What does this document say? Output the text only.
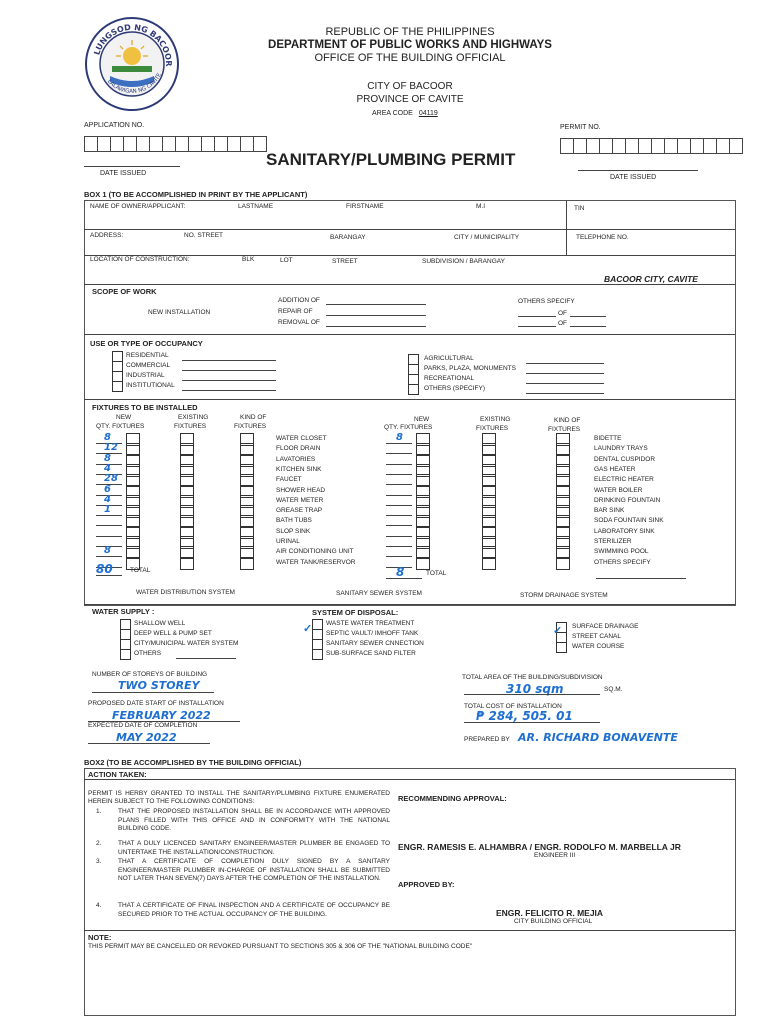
LUNGSOD NG BACOOR
LALAWIGAN NG CAVITE
REPUBLIC OF THE PHILIPPINES
DEPARTMENT OF PUBLIC WORKS AND HIGHWAYS
OFFICE OF THE BUILDING OFFICIAL
CITY OF BACOOR
PROVINCE OF CAVITE
AREA CODE 04119
APPLICATION NO.
DATE ISSUED
PERMIT NO.
DATE ISSUED
SANITARY/PLUMBING PERMIT
BOX 1 (TO BE ACCOMPLISHED IN PRINT BY THE APPLICANT)
NAME OF OWNER/APPLICANT:	LASTNAME	FIRSTNAME	M.I	TIN
ADDRESS:	NO. STREET	BARANGAY	CITY / MUNICIPALITY	TELEPHONE NO.
LOCATION OF CONSTRUCTION:	BLK	LOT	STREET	SUBDIVISION / BARANGAY
BACOOR CITY, CAVITE
SCOPE OF WORK
NEW INSTALLATION
ADDITION OF
REPAIR OF
REMOVAL OF
OTHERS SPECIFY
OF
OF
USE OR TYPE OF OCCUPANCY
RESIDENTIAL
COMMERCIAL
INDUSTRIAL
INSTITUTIONAL
AGRICULTURAL
PARKS, PLAZA, MONUMENTS
RECREATIONAL
OTHERS (SPECIFY)
FIXTURES TO BE INSTALLED
NEW
QTY. FIXTURES
EXISTING
FIXTURES
KIND OF
FIXTURES
NEW
QTY. FIXTURES
EXISTING
FIXTURES
KIND OF
FIXTURES
8	WATER CLOSET
12	FLOOR DRAIN
8	LAVATORIES
4	KITCHEN SINK
28	FAUCET
6	SHOWER HEAD
4	WATER METER
1	GREASE TRAP
BATH TUBS
SLOP SINK
URINAL
8	AIR CONDITIONING UNIT
WATER TANK/RESERVOR
8	BIDETTE
LAUNDRY TRAYS
DENTAL CUSPIDOR
GAS HEATER
ELECTRIC HEATER
WATER BOILER
DRINKING FOUNTAIN
BAR SINK
SODA FOUNTAIN SINK
LABORATORY SINK
STERILIZER
SWIMMING POOL
OTHERS SPECIFY
80	TOTAL	8	TOTAL
WATER DISTRIBUTION SYSTEM	SANITARY SEWER SYSTEM	STORM DRAINAGE SYSTEM
WATER SUPPLY :	SYSTEM OF DISPOSAL:
SHALLOW WELL
DEEP WELL & PUMP SET
CITY/MUNICIPAL WATER SYSTEM
OTHERS
WASTE WATER TREATMENT
SEPTIC VAULT/ IMHOFF TANK
SANITARY SEWER CNNECTION
SUB-SURFACE SAND FILTER
SURFACE DRAINAGE
STREET CANAL
WATER COURSE
✓	✓
NUMBER OF STOREYS OF BUILDING
TWO STOREY
PROPOSED DATE START OF INSTALLATION
FEBRUARY 2022
EXPECTED DATE OF COMPLETION
MAY 2022
TOTAL AREA OF THE BUILDING/SUBDIVISION
310 sqm	SQ.M.
TOTAL COST OF INSTALLATION
₱ 284, 505. 01
PREPARED BY AR. RICHARD BONAVENTE
BOX2 (TO BE ACCOMPLISHED BY THE BUILDING OFFICIAL)
ACTION TAKEN:
PERMIT IS HERBY GRANTED TO INSTALL THE SANITARY/PLUMBING FIXTURE ENUMERATED HEREIN SUBJECT TO THE FOLLOWING CONDITIONS:
1.	THAT THE PROPOSED INSTALLATION SHALL BE IN ACCORDANCE WITH APPROVED PLANS FILLED WITH THIS OFFICE AND IN CONFORMITY WITH THE NATIONAL BUILDING CODE.
2.	THAT A DULY LICENCED SANITARY ENGINEER/MASTER PLUMBER BE ENGAGED TO UNTERTAKE THE INSTALLATION/CONSTRUCTION.
3.	THAT A CERTIFICATE OF COMPLETION DULY SIGNED BY A SANITARY ENGINEER/MASTER PLUMBER IN-CHARGE OF INSTALLATION SHALL BE SUBMITTED NOT LATER THAN SEVEN(7) DAYS AFTER THE COMPLETION OF THE INSTALLATION.
4.	THAT A CERTIFICATE OF FINAL INSPECTION AND A CERTIFICATE OF OCCUPANCY BE SECURED PRIOR TO THE ACTUAL OCCUPANCY OF THE BUILDING.
RECOMMENDING APPROVAL:
ENGR. RAMESIS E. ALHAMBRA / ENGR. RODOLFO M. MARBELLA JR
ENGINEER III
APPROVED BY:
ENGR. FELICITO R. MEJIA
CITY BUILDING OFFICIAL
NOTE:
THIS PERMIT MAY BE CANCELLED OR REVOKED PURSUANT TO SECTIONS 305 & 306 OF THE "NATIONAL BUILDING CODE"
